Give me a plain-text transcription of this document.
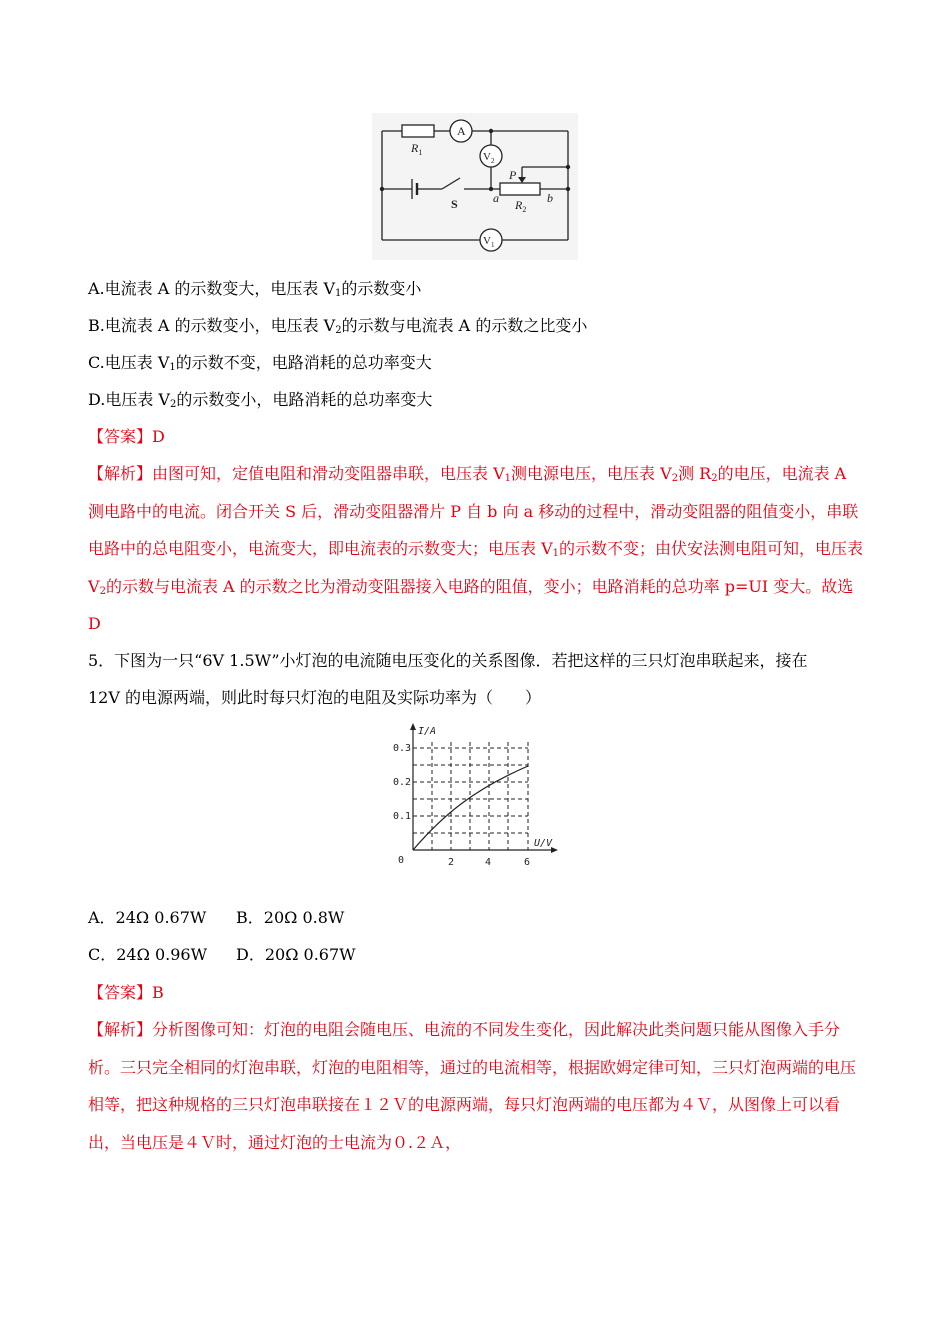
A
$V_2$
$V_1$
$R_1$
P
S	a	b
$R_2$
A.电流表 A 的示数变大，电压表 $V_1$的示数变小
B.电流表 A 的示数变小，电压表 $V_2$的示数与电流表 A 的示数之比变小
C.电压表 $V_1$的示数不变，电路消耗的总功率变大
D.电压表 $V_2$的示数变小，电路消耗的总功率变大
【答案】D
【解析】由图可知，定值电阻和滑动变阻器串联，电压表 $V_1$测电源电压，电压表 $V_2$测 $R_2$的电压，电流表 A 测电路中的电流。闭合开关 S 后，滑动变阻器滑片 P 自 b 向 a 移动的过程中，滑动变阻器的阻值变小，串联电路中的总电阻变小，电流变大，即电流表的示数变大；电压表 $V_1$的示数不变；由伏安法测电阻可知，电压表 $V_2$的示数与电流表 A 的示数之比为滑动变阻器接入电路的阻值，变小；电路消耗的总功率 p=UI 变大。故选 D
5．下图为一只“6V 1.5W”小灯泡的电流随电压变化的关系图像．若把这样的三只灯泡串联起来，接在
12V 的电源两端，则此时每只灯泡的电阻及实际功率为（　　）
0.3
0.2
0.1
0	2	4	6
I/A
U/V
A．24Ω 0.67W B．20Ω 0.8W
C．24Ω 0.96W D．20Ω 0.67W
【答案】B
【解析】分析图像可知：灯泡的电阻会随电压、电流的不同发生变化，因此解决此类问题只能从图像入手分析。三只完全相同的灯泡串联，灯泡的电阻相等，通过的电流相等，根据欧姆定律可知，三只灯泡两端的电压相等，把这种规格的三只灯泡串联接在１２Ｖ的电源两端，每只灯泡两端的电压都为４Ｖ，从图像上可以看出，当电压是４Ｖ时，通过灯泡的士电流为０.２Ａ，
